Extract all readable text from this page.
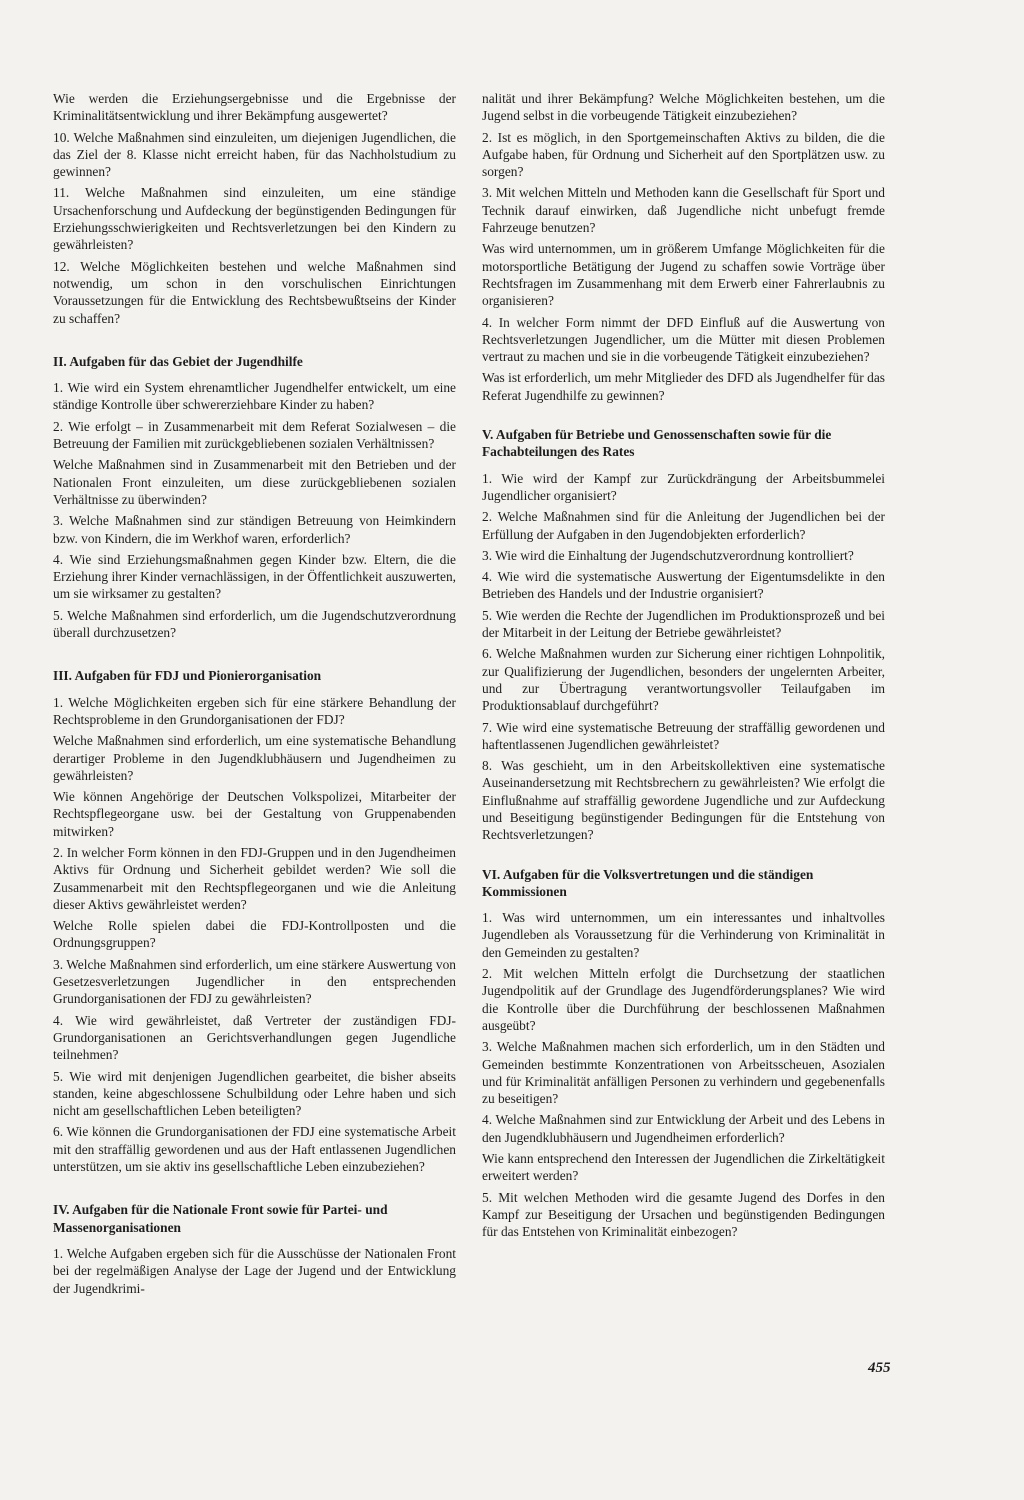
Wie werden die Erziehungsergebnisse und die Ergebnisse der Kriminalitätsentwicklung und ihrer Bekämpfung ausgewertet?

10. Welche Maßnahmen sind einzuleiten, um diejenigen Jugendlichen, die das Ziel der 8. Klasse nicht erreicht haben, für das Nachholstudium zu gewinnen?

11. Welche Maßnahmen sind einzuleiten, um eine ständige Ursachenforschung und Aufdeckung der begünstigenden Bedingungen für Erziehungsschwierigkeiten und Rechtsverletzungen bei den Kindern zu gewährleisten?

12. Welche Möglichkeiten bestehen und welche Maßnahmen sind notwendig, um schon in den vorschulischen Einrichtungen Voraussetzungen für die Entwicklung des Rechtsbewußtseins der Kinder zu schaffen?

II. Aufgaben für das Gebiet der Jugendhilfe

1. Wie wird ein System ehrenamtlicher Jugendhelfer entwickelt, um eine ständige Kontrolle über schwererziehbare Kinder zu haben?

2. Wie erfolgt – in Zusammenarbeit mit dem Referat Sozialwesen – die Betreuung der Familien mit zurückgebliebenen sozialen Verhältnissen?

Welche Maßnahmen sind in Zusammenarbeit mit den Betrieben und der Nationalen Front einzuleiten, um diese zurückgebliebenen sozialen Verhältnisse zu überwinden?

3. Welche Maßnahmen sind zur ständigen Betreuung von Heimkindern bzw. von Kindern, die im Werkhof waren, erforderlich?

4. Wie sind Erziehungsmaßnahmen gegen Kinder bzw. Eltern, die die Erziehung ihrer Kinder vernachlässigen, in der Öffentlichkeit auszuwerten, um sie wirksamer zu gestalten?

5. Welche Maßnahmen sind erforderlich, um die Jugendschutzverordnung überall durchzusetzen?

III. Aufgaben für FDJ und Pionierorganisation

1. Welche Möglichkeiten ergeben sich für eine stärkere Behandlung der Rechtsprobleme in den Grundorganisationen der FDJ?

Welche Maßnahmen sind erforderlich, um eine systematische Behandlung derartiger Probleme in den Jugendklubhäusern und Jugendheimen zu gewährleisten?

Wie können Angehörige der Deutschen Volkspolizei, Mitarbeiter der Rechtspflegeorgane usw. bei der Gestaltung von Gruppenabenden mitwirken?

2. In welcher Form können in den FDJ-Gruppen und in den Jugendheimen Aktivs für Ordnung und Sicherheit gebildet werden? Wie soll die Zusammenarbeit mit den Rechtspflegeorganen und wie die Anleitung dieser Aktivs gewährleistet werden?

Welche Rolle spielen dabei die FDJ-Kontrollposten und die Ordnungsgruppen?

3. Welche Maßnahmen sind erforderlich, um eine stärkere Auswertung von Gesetzesverletzungen Jugendlicher in den entsprechenden Grundorganisationen der FDJ zu gewährleisten?

4. Wie wird gewährleistet, daß Vertreter der zuständigen FDJ-Grundorganisationen an Gerichtsverhandlungen gegen Jugendliche teilnehmen?

5. Wie wird mit denjenigen Jugendlichen gearbeitet, die bisher abseits standen, keine abgeschlossene Schulbildung oder Lehre haben und sich nicht am gesellschaftlichen Leben beteiligten?

6. Wie können die Grundorganisationen der FDJ eine systematische Arbeit mit den straffällig gewordenen und aus der Haft entlassenen Jugendlichen unterstützen, um sie aktiv ins gesellschaftliche Leben einzubeziehen?

IV. Aufgaben für die Nationale Front sowie für Partei- und Massenorganisationen

1. Welche Aufgaben ergeben sich für die Ausschüsse der Nationalen Front bei der regelmäßigen Analyse der Lage der Jugend und der Entwicklung der Jugendkrimi-

nalität und ihrer Bekämpfung? Welche Möglichkeiten bestehen, um die Jugend selbst in die vorbeugende Tätigkeit einzubeziehen?

2. Ist es möglich, in den Sportgemeinschaften Aktivs zu bilden, die die Aufgabe haben, für Ordnung und Sicherheit auf den Sportplätzen usw. zu sorgen?

3. Mit welchen Mitteln und Methoden kann die Gesellschaft für Sport und Technik darauf einwirken, daß Jugendliche nicht unbefugt fremde Fahrzeuge benutzen?

Was wird unternommen, um in größerem Umfange Möglichkeiten für die motorsportliche Betätigung der Jugend zu schaffen sowie Vorträge über Rechtsfragen im Zusammenhang mit dem Erwerb einer Fahrerlaubnis zu organisieren?

4. In welcher Form nimmt der DFD Einfluß auf die Auswertung von Rechtsverletzungen Jugendlicher, um die Mütter mit diesen Problemen vertraut zu machen und sie in die vorbeugende Tätigkeit einzubeziehen?

Was ist erforderlich, um mehr Mitglieder des DFD als Jugendhelfer für das Referat Jugendhilfe zu gewinnen?

V. Aufgaben für Betriebe und Genossenschaften sowie für die Fachabteilungen des Rates

1. Wie wird der Kampf zur Zurückdrängung der Arbeitsbummelei Jugendlicher organisiert?

2. Welche Maßnahmen sind für die Anleitung der Jugendlichen bei der Erfüllung der Aufgaben in den Jugendobjekten erforderlich?

3. Wie wird die Einhaltung der Jugendschutzverordnung kontrolliert?

4. Wie wird die systematische Auswertung der Eigentumsdelikte in den Betrieben des Handels und der Industrie organisiert?

5. Wie werden die Rechte der Jugendlichen im Produktionsprozeß und bei der Mitarbeit in der Leitung der Betriebe gewährleistet?

6. Welche Maßnahmen wurden zur Sicherung einer richtigen Lohnpolitik, zur Qualifizierung der Jugendlichen, besonders der ungelernten Arbeiter, und zur Übertragung verantwortungsvoller Teilaufgaben im Produktionsablauf durchgeführt?

7. Wie wird eine systematische Betreuung der straffällig gewordenen und haftentlassenen Jugendlichen gewährleistet?

8. Was geschieht, um in den Arbeitskollektiven eine systematische Auseinandersetzung mit Rechtsbrechern zu gewährleisten? Wie erfolgt die Einflußnahme auf straffällig gewordene Jugendliche und zur Aufdeckung und Beseitigung begünstigender Bedingungen für die Entstehung von Rechtsverletzungen?

VI. Aufgaben für die Volksvertretungen und die ständigen Kommissionen

1. Was wird unternommen, um ein interessantes und inhaltvolles Jugendleben als Voraussetzung für die Verhinderung von Kriminalität in den Gemeinden zu gestalten?

2. Mit welchen Mitteln erfolgt die Durchsetzung der staatlichen Jugendpolitik auf der Grundlage des Jugendförderungsplanes? Wie wird die Kontrolle über die Durchführung der beschlossenen Maßnahmen ausgeübt?

3. Welche Maßnahmen machen sich erforderlich, um in den Städten und Gemeinden bestimmte Konzentrationen von Arbeitsscheuen, Asozialen und für Kriminalität anfälligen Personen zu verhindern und gegebenenfalls zu beseitigen?

4. Welche Maßnahmen sind zur Entwicklung der Arbeit und des Lebens in den Jugendklubhäusern und Jugendheimen erforderlich?

Wie kann entsprechend den Interessen der Jugendlichen die Zirkeltätigkeit erweitert werden?

5. Mit welchen Methoden wird die gesamte Jugend des Dorfes in den Kampf zur Beseitigung der Ursachen und begünstigenden Bedingungen für das Entstehen von Kriminalität einbezogen?

455
